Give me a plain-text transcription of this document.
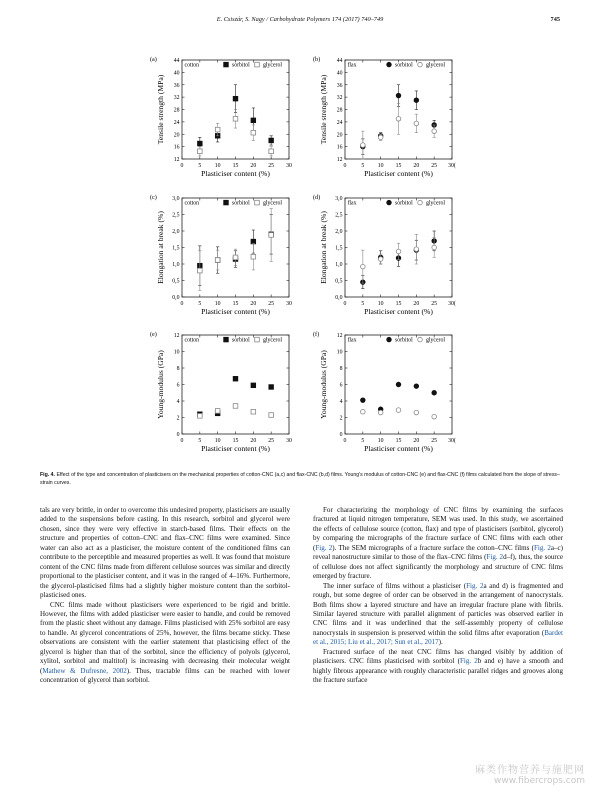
E. Csiszár, S. Nagy / Carbohydrate Polymers 174 (2017) 740–749	745
(a)
12
16
20
24
28
32
36
40
44
0	5 10 15 20 25 30
Plasticiser content (%)
Tensile strength (MPa)
cotton	sorbitol glycerol
(b)
12
16
20
24
28
32
36
40
44
0	5 10 15 20 25 30(
Plasticiser content (%)
Tensile strength (MPa)
flax	sorbitol glycerol
(c)
0,0
0,5
1,0
1,5
2,0
2,5
3,0
0	5 10 15 20 25 30
Plasticiser content (%)
Elongation at break (%)
cotton	sorbitol glycerol
(d)
0,0
0,5
1,0
1,5
2,0
2,5
3,0
0	5 10 15 20 25 30(
Plasticiser content (%)
Elongation at break (%)
flax	sorbitol glycerol
(e)
0
2
4
6
8
10
12
0	5 10 15 20 25 30
Plasticiser content (%)
Young-modulus (GPa)
cotton	sorbitol glycerol
(f)
0
2
4
6
8
10
12
0	5 10 15 20 25 30(
Plasticiser content (%)
Young-modulus (GPa)
flax	sorbitol glycerol
Fig. 4. Effect of the type and concentration of plasticisers on the mechanical properties of cotton-CNC (a,c) and flax-CNC (b,d) films. Young's modulus of cotton-CNC (e) and flax-CNC (f) films calculated from the slope of stress–strain curves.

tals are very brittle, in order to overcome this undesired property, plasticisers are usually added to the suspensions before casting. In this research, sorbitol and glycerol were chosen, since they were very effective in starch-based films. Their effects on the structure and properties of cotton–CNC and flax–CNC films were examined. Since water can also act as a plasticiser, the moisture content of the conditioned films can contribute to the perceptible and measured properties as well. It was found that moisture content of the CNC films made from different cellulose sources was similar and directly proportional to the plasticiser content, and it was in the ranged of 4–16%. Furthermore, the glycerol-plasticised films had a slightly higher moisture content than the sorbitol-plasticised ones.

CNC films made without plasticisers were experienced to be rigid and brittle. However, the films with added plasticiser were easier to handle, and could be removed from the plastic sheet without any damage. Films plasticised with 25% sorbitol are easy to handle. At glycerol concentrations of 25%, however, the films became sticky. These observations are consistent with the earlier statement that plasticising effect of the glycerol is higher than that of the sorbitol, since the efficiency of polyols (glycerol, xylitol, sorbitol and maltitol) is increasing with decreasing their molecular weight (Mathew & Dufresne, 2002). Thus, tractable films can be reached with lower concentration of glycerol than sorbitol.

For characterizing the morphology of CNC films by examining the surfaces fractured at liquid nitrogen temperature, SEM was used. In this study, we ascertained the effects of cellulose source (cotton, flax) and type of plasticisers (sorbitol, glycerol) by comparing the micrographs of the fracture surface of CNC films with each other (Fig. 2). The SEM micrographs of a fracture surface the cotton–CNC films (Fig. 2a–c) reveal nanostructure similar to those of the flax–CNC films (Fig. 2d–f), thus, the source of cellulose does not affect significantly the morphology and structure of CNC films emerged by fracture.

The inner surface of films without a plasticiser (Fig. 2a and d) is fragmented and rough, but some degree of order can be observed in the arrangement of nanocrystals. Both films show a layered structure and have an irregular fracture plane with fibrils. Similar layered structure with parallel alignment of particles was observed earlier in CNC films and it was underlined that the self-assembly property of cellulose nanocrystals in suspension is preserved within the solid films after evaporation (Bardet et al., 2015; Liu et al., 2017; Sun et al., 2017).

Fractured surface of the neat CNC films has changed visibly by addition of plasticisers. CNC films plasticised with sorbitol (Fig. 2b and e) have a smooth and highly fibrous appearance with roughly characteristic parallel ridges and grooves along the fracture surface

麻类作物营养与施肥网
www.fibercrops.com
